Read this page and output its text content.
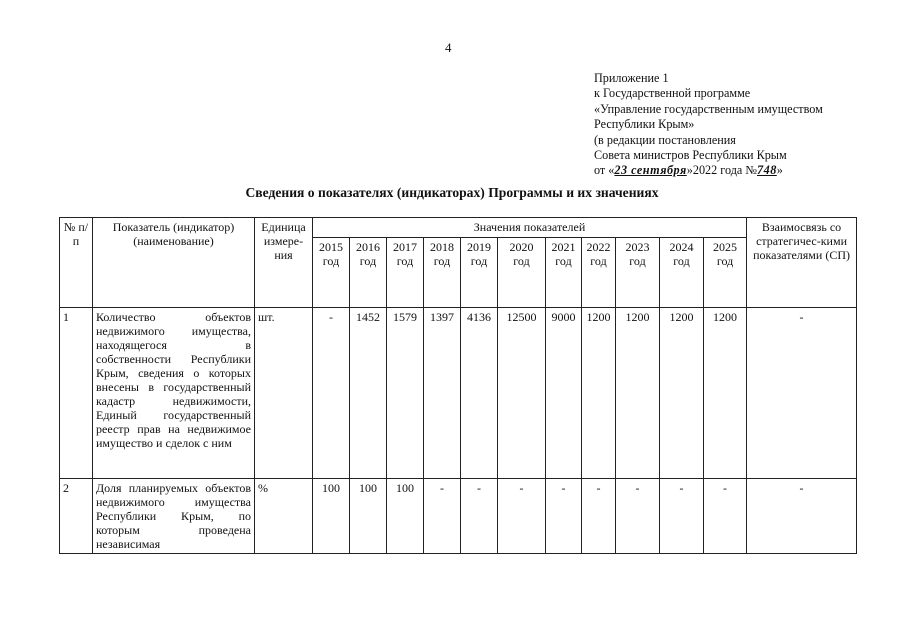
4
Приложение 1
к Государственной программе
«Управление государственным имуществом
Республики Крым»
(в редакции постановления
Совета министров Республики Крым
от «23 сентября»2022 года №748»
Сведения о показателях (индикаторах) Программы и их значениях
№ п/п	Показатель (индикатор) (наименование)	Единица измере-ния	Значения показателей											Взаимосвязь со стратегичес-кими показателями (СП)
			2015 год	2016 год	2017 год	2018 год	2019 год	2020 год	2021 год	2022 год	2023 год	2024 год	2025 год	
1	Количество объектов недвижимого имущества, находящегося в собственности Республики Крым, сведения о которых внесены в государственный кадастр недвижимости, Единый государственный реестр прав на недвижимое имущество и сделок с ним	шт.	-	1452	1579	1397	4136	12500	9000	1200	1200	1200	1200	-
2	Доля планируемых объектов недвижимого имущества Республики Крым, по которым проведена независимая	%	100	100	100	-	-	-	-	-	-	-	-	-
